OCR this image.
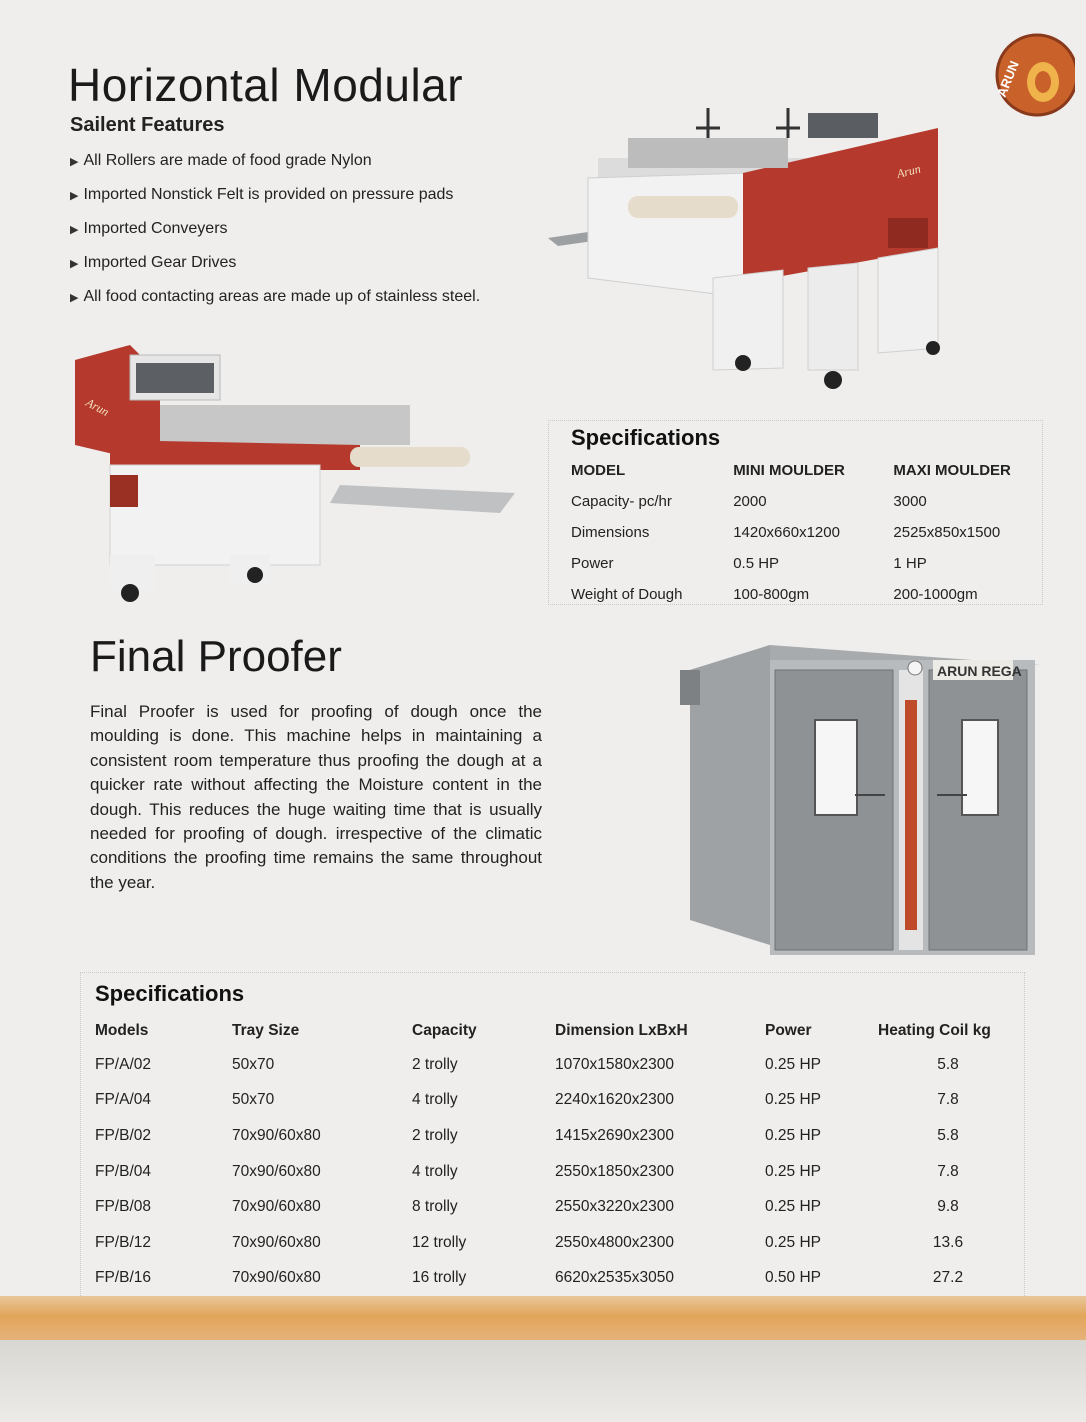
Horizontal Modular
Sailent Features
▶ All Rollers are made of food grade Nylon
▶ Imported Nonstick Felt is provided on pressure pads
▶ Imported Conveyers
▶ Imported Gear Drives
▶ All food contacting areas are made up of stainless steel.
ARUN
Arun
Arun
Specifications
MODEL	MINI MOULDER	MAXI MOULDER
Capacity- pc/hr	2000	3000
Dimensions	1420x660x1200	2525x850x1500
Power	0.5 HP	1 HP
Weight of Dough	100-800gm	200-1000gm
Final Proofer

Final Proofer is used for proofing of dough once the moulding is done. This machine helps in maintaining a consistent room temperature thus proofing the dough at a quicker rate without affecting the Moisture content in the dough. This reduces the huge waiting time that is usually needed for proofing of dough. irrespective of the climatic conditions the proofing time remains the same throughout the year.

ARUN REGA
Specifications
Models	Tray Size	Capacity	Dimension LxBxH	Power	Heating Coil kg
FP/A/02	50x70	2 trolly	1070x1580x2300	0.25 HP	5.8
FP/A/04	50x70	4 trolly	2240x1620x2300	0.25 HP	7.8
FP/B/02	70x90/60x80	2 trolly	1415x2690x2300	0.25 HP	5.8
FP/B/04	70x90/60x80	4 trolly	2550x1850x2300	0.25 HP	7.8
FP/B/08	70x90/60x80	8 trolly	2550x3220x2300	0.25 HP	9.8
FP/B/12	70x90/60x80	12 trolly	2550x4800x2300	0.25 HP	13.6
FP/B/16	70x90/60x80	16 trolly	6620x2535x3050	0.50 HP	27.2
